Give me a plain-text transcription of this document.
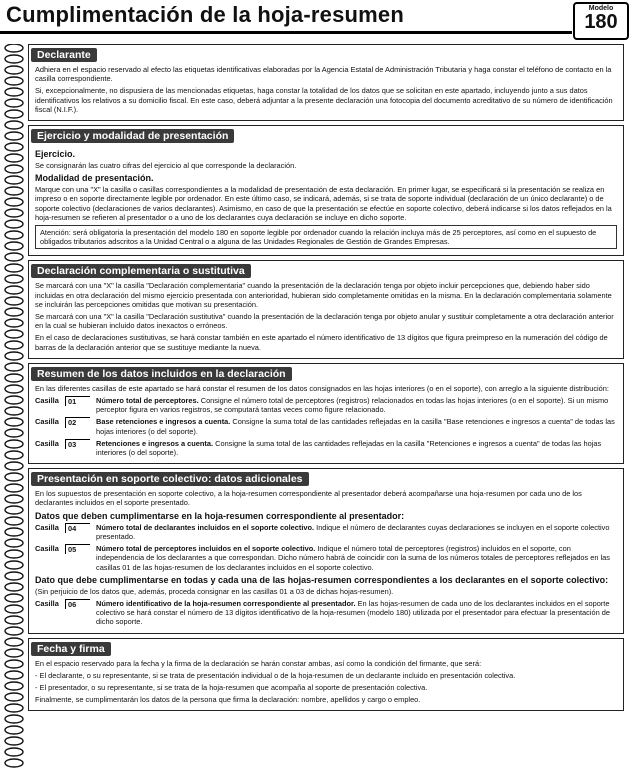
Cumplimentación de la hoja-resumen	Modelo
180
Declarante

Adhiera en el espacio reservado al efecto las etiquetas identificativas elaboradas por la Agencia Estatal de Administración Tributaria y haga constar el teléfono de contacto en la casilla correspondiente.

Si, excepcionalmente, no dispusiera de las mencionadas etiquetas, haga constar la totalidad de los datos que se solicitan en este apartado, incluyendo junto a sus datos identificativos los relativos a su domicilio fiscal. En este caso, deberá adjuntar a la presente declaración una fotocopia del documento acreditativo de su número de identificación fiscal (N.I.F.).

Ejercicio y modalidad de presentación
Ejercicio.

Se consignarán las cuatro cifras del ejercicio al que corresponde la declaración.

Modalidad de presentación.

Marque con una "X" la casilla o casillas correspondientes a la modalidad de presentación de esta declaración. En primer lugar, se especificará si la presentación se realiza en impreso o en soporte directamente legible por ordenador. En este último caso, se indicará, además, si se trata de soporte individual (declaración de un único declarante) o de soporte colectivo (declaraciones de varios declarantes). Asimismo, en caso de que la presentación se efectúe en soporte colectivo, deberá indicarse si los datos reflejados en la hoja-resumen se refieren al presentador o a uno de los declarantes cuya declaración se incluye en dicho soporte.

Atención: será obligatoria la presentación del modelo 180 en soporte legible por ordenador cuando la relación incluya más de 25 perceptores, así como en el supuesto de obligados tributarios adscritos a la Unidad Central o a alguna de las Unidades Regionales de Gestión de Grandes Empresas.
Declaración complementaria o sustitutiva

Se marcará con una "X" la casilla "Declaración complementaria" cuando la presentación de la declaración tenga por objeto incluir percepciones que, debiendo haber sido incluidas en otra declaración del mismo ejercicio presentada con anterioridad, hubieran sido completamente omitidas en la misma. En la declaración complementaria solamente se incluirán las percepciones omitidas que motivan su presentación.

Se marcará con una "X" la casilla "Declaración sustitutiva" cuando la presentación de la declaración tenga por objeto anular y sustituir completamente a otra declaración anterior en la cual se hubieran incluido datos inexactos o erróneos.

En el caso de declaraciones sustitutivas, se hará constar también en este apartado el número identificativo de 13 dígitos que figura preimpreso en la numeración del código de barras de la declaración anterior que se sustituye mediante la nueva.

Resumen de los datos incluidos en la declaración

En las diferentes casillas de este apartado se hará constar el resumen de los datos consignados en las hojas interiores (o en el soporte), con arreglo a la siguiente distribución:

Casilla	01	Número total de perceptores. Consigne el número total de perceptores (registros) relacionados en todas las hojas interiores (o en el soporte). Si un mismo perceptor figura en varios registros, se computará tantas veces como figure relacionado.
Casilla	02	Base retenciones e ingresos a cuenta. Consigne la suma total de las cantidades reflejadas en la casilla "Base retenciones e ingresos a cuenta" de todas las hojas interiores (o del soporte).
Casilla	03	Retenciones e ingresos a cuenta. Consigne la suma total de las cantidades reflejadas en la casilla "Retenciones e ingresos a cuenta" de todas las hojas interiores (o del soporte).
Presentación en soporte colectivo: datos adicionales

En los supuestos de presentación en soporte colectivo, a la hoja-resumen correspondiente al presentador deberá acompañarse una hoja-resumen por cada uno de los declarantes incluidos en el soporte presentado.

Datos que deben cumplimentarse en la hoja-resumen correspondiente al presentador:
Casilla	04	Número total de declarantes incluidos en el soporte colectivo. Indique el número de declarantes cuyas declaraciones se incluyen en el soporte colectivo presentado.
Casilla	05	Número total de perceptores incluidos en el soporte colectivo. Indique el número total de perceptores (registros) incluidos en el soporte, con independencia de los declarantes a que correspondan. Dicho número habrá de coincidir con la suma de los números totales de perceptores reflejados en las casillas 01 de las hojas-resumen de los declarantes incluidos en el soporte colectivo.
Dato que debe cumplimentarse en todas y cada una de las hojas-resumen correspondientes a los declarantes en el soporte colectivo:

(Sin perjuicio de los datos que, además, proceda consignar en las casillas 01 a 03 de dichas hojas-resumen).

Casilla	06	Número identificativo de la hoja-resumen correspondiente al presentador. En las hojas-resumen de cada uno de los declarantes incluidos en el soporte colectivo se hará constar el número de 13 dígitos identificativo de la hoja-resumen (modelo 180) utilizada por el presentador para efectuar la presentación de dicho soporte.
Fecha y firma

En el espacio reservado para la fecha y la firma de la declaración se harán constar ambas, así como la condición del firmante, que será:

- El declarante, o su representante, si se trata de presentación individual o de la hoja-resumen de un declarante incluido en presentación colectiva.

- El presentador, o su representante, si se trata de la hoja-resumen que acompaña al soporte de presentación colectiva.

Finalmente, se cumplimentarán los datos de la persona que firma la declaración: nombre, apellidos y cargo o empleo.
